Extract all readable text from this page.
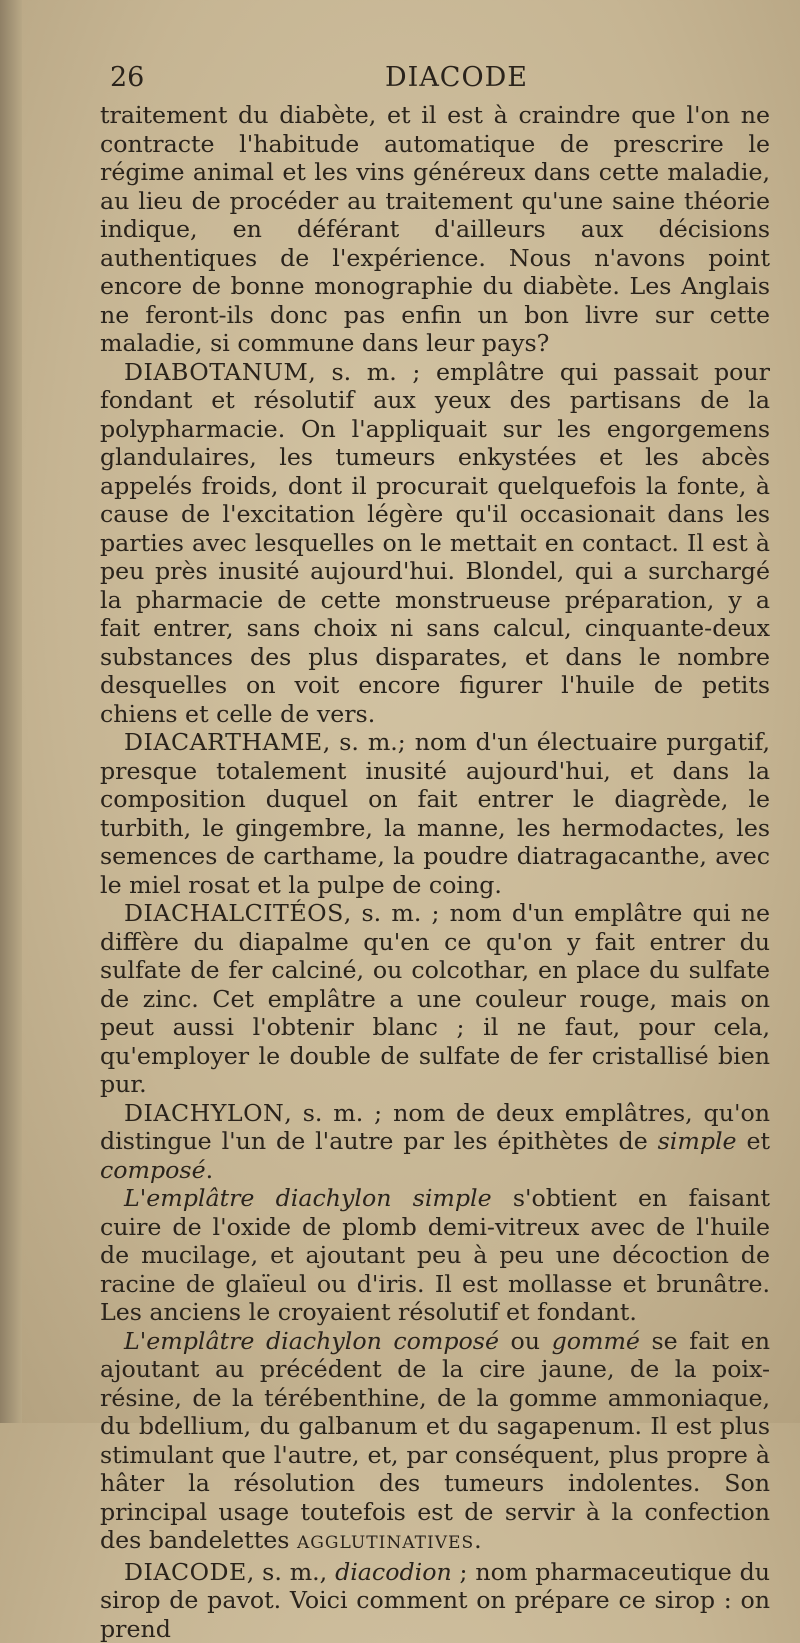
26	DIACODE

traitement du diabète, et il est à craindre que l'on ne contracte l'habitude automatique de prescrire le régime animal et les vins généreux dans cette maladie, au lieu de procéder au traitement qu'une saine théorie indique, en déférant d'ailleurs aux décisions authentiques de l'expérience. Nous n'avons point encore de bonne monographie du diabète. Les Anglais ne feront-ils donc pas enfin un bon livre sur cette maladie, si commune dans leur pays?

DIABOTANUM, s. m. ; emplâtre qui passait pour fondant et résolutif aux yeux des partisans de la polypharmacie. On l'appliquait sur les engorgemens glandulaires, les tumeurs enkystées et les abcès appelés froids, dont il procurait quelquefois la fonte, à cause de l'excitation légère qu'il occasionait dans les parties avec lesquelles on le mettait en contact. Il est à peu près inusité aujourd'hui. Blondel, qui a surchargé la pharmacie de cette monstrueuse préparation, y a fait entrer, sans choix ni sans calcul, cinquante-deux substances des plus disparates, et dans le nombre desquelles on voit encore figurer l'huile de petits chiens et celle de vers.

DIACARTHAME, s. m.; nom d'un électuaire purgatif, presque totalement inusité aujourd'hui, et dans la composition duquel on fait entrer le diagrède, le turbith, le gingembre, la manne, les hermodactes, les semences de carthame, la poudre diatragacanthe, avec le miel rosat et la pulpe de coing.

DIACHALCITÉOS, s. m. ; nom d'un emplâtre qui ne diffère du diapalme qu'en ce qu'on y fait entrer du sulfate de fer calciné, ou colcothar, en place du sulfate de zinc. Cet emplâtre a une couleur rouge, mais on peut aussi l'obtenir blanc ; il ne faut, pour cela, qu'employer le double de sulfate de fer cristallisé bien pur.

DIACHYLON, s. m. ; nom de deux emplâtres, qu'on distingue l'un de l'autre par les épithètes de simple et composé.

L'emplâtre diachylon simple s'obtient en faisant cuire de l'oxide de plomb demi-vitreux avec de l'huile de mucilage, et ajoutant peu à peu une décoction de racine de glaïeul ou d'iris. Il est mollasse et brunâtre. Les anciens le croyaient résolutif et fondant.

L'emplâtre diachylon composé ou gommé se fait en ajoutant au précédent de la cire jaune, de la poix-résine, de la térébenthine, de la gomme ammoniaque, du bdellium, du galbanum et du sagapenum. Il est plus stimulant que l'autre, et, par conséquent, plus propre à hâter la résolution des tumeurs indolentes. Son principal usage toutefois est de servir à la confection des bandelettes AGGLUTINATIVES.

DIACODE, s. m., diacodion ; nom pharmaceutique du sirop de pavot. Voici comment on prépare ce sirop : on prend
